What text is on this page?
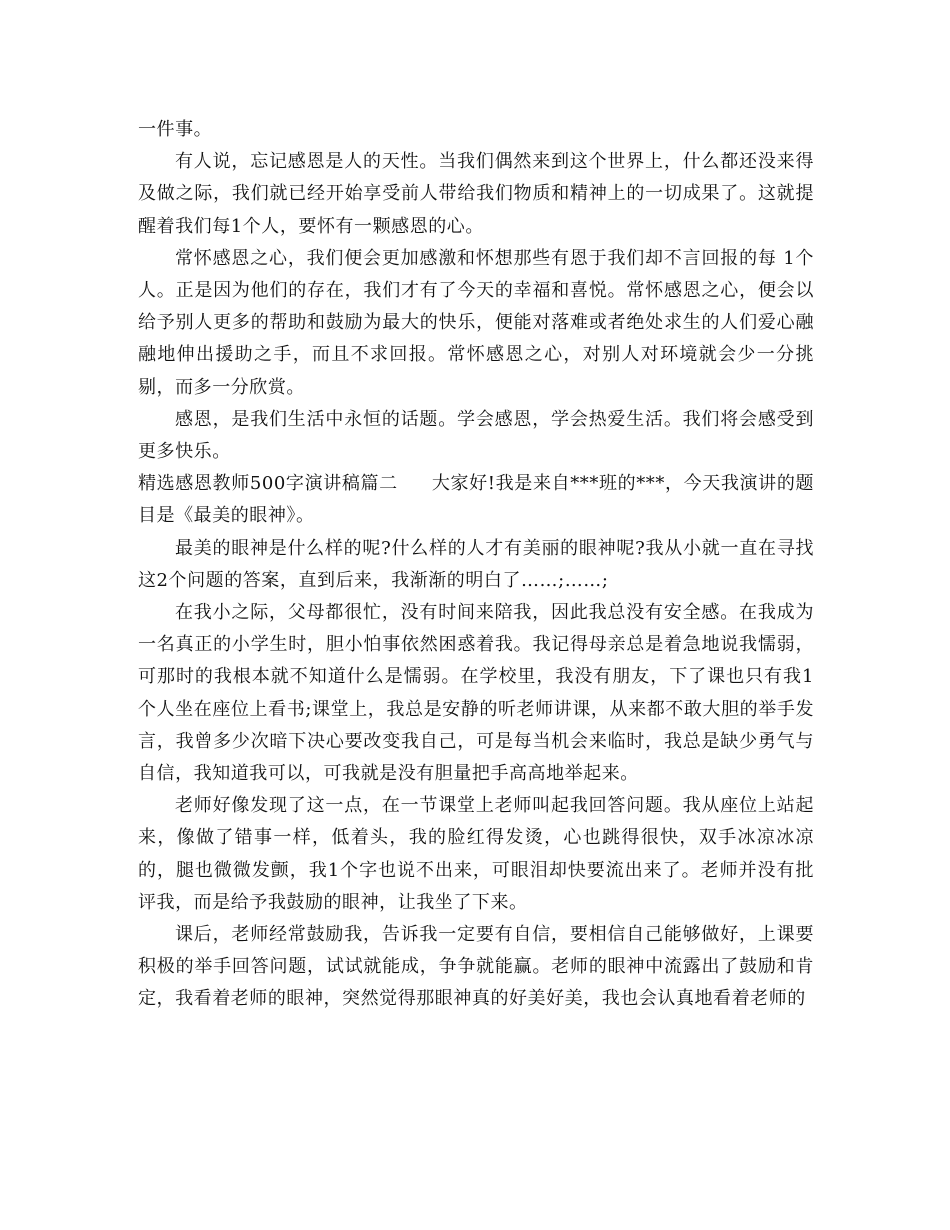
一件事。

有人说，忘记感恩是人的天性。当我们偶然来到这个世界上，什么都还没来得及做之际，我们就已经开始享受前人带给我们物质和精神上的一切成果了。这就提醒着我们每1个人，要怀有一颗感恩的心。

常怀感恩之心，我们便会更加感激和怀想那些有恩于我们却不言回报的每 1个人。正是因为他们的存在，我们才有了今天的幸福和喜悦。常怀感恩之心，便会以给予别人更多的帮助和鼓励为最大的快乐，便能对落难或者绝处求生的人们爱心融融地伸出援助之手，而且不求回报。常怀感恩之心，对别人对环境就会少一分挑剔，而多一分欣赏。

感恩，是我们生活中永恒的话题。学会感恩，学会热爱生活。我们将会感受到更多快乐。

精选感恩教师500字演讲稿篇二 大家好!我是来自***班的***，今天我演讲的题目是《最美的眼神》。

最美的眼神是什么样的呢?什么样的人才有美丽的眼神呢?我从小就一直在寻找这2个问题的答案，直到后来，我渐渐的明白了……;……;

在我小之际，父母都很忙，没有时间来陪我，因此我总没有安全感。在我成为一名真正的小学生时，胆小怕事依然困惑着我。我记得母亲总是着急地说我懦弱，可那时的我根本就不知道什么是懦弱。在学校里，我没有朋友，下了课也只有我1个人坐在座位上看书;课堂上，我总是安静的听老师讲课，从来都不敢大胆的举手发言，我曾多少次暗下决心要改变我自己，可是每当机会来临时，我总是缺少勇气与自信，我知道我可以，可我就是没有胆量把手高高地举起来。

老师好像发现了这一点，在一节课堂上老师叫起我回答问题。我从座位上站起来，像做了错事一样，低着头，我的脸红得发烫，心也跳得很快，双手冰凉冰凉的，腿也微微发颤，我1个字也说不出来，可眼泪却快要流出来了。老师并没有批评我，而是给予我鼓励的眼神，让我坐了下来。

课后，老师经常鼓励我，告诉我一定要有自信，要相信自己能够做好，上课要积极的举手回答问题，试试就能成，争争就能赢。老师的眼神中流露出了鼓励和肯定，我看着老师的眼神，突然觉得那眼神真的好美好美，我也会认真地看着老师的
